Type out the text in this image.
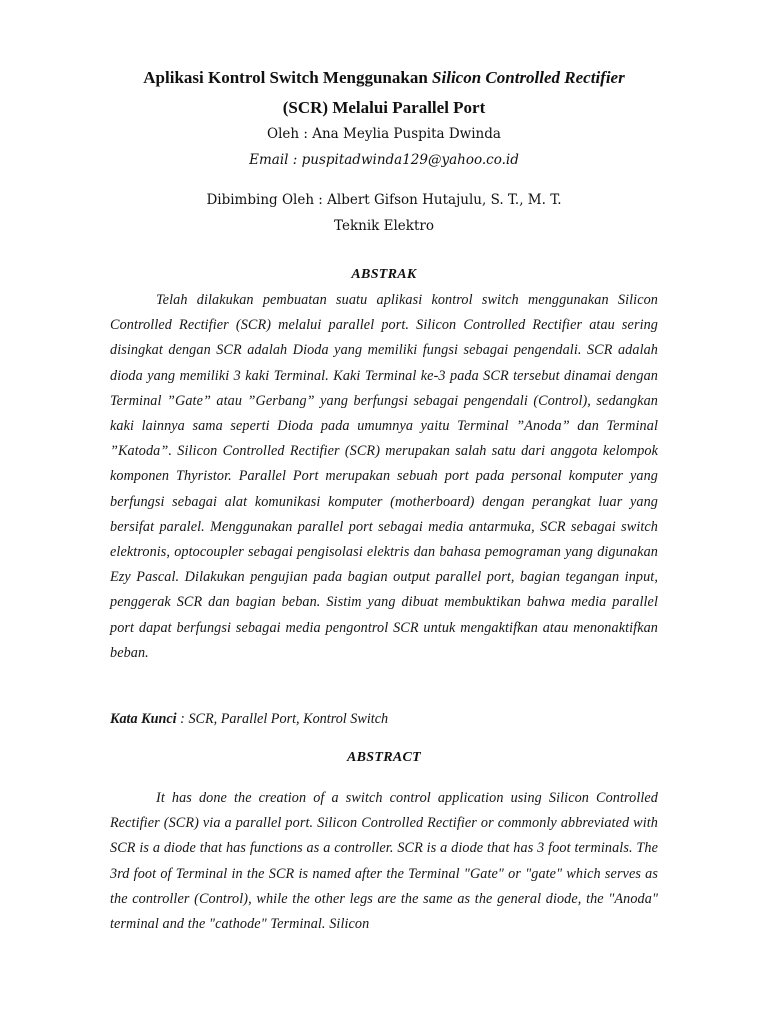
Aplikasi Kontrol Switch Menggunakan Silicon Controlled Rectifier
(SCR) Melalui Parallel Port
Oleh : Ana Meylia Puspita Dwinda
Email : puspitadwinda129@yahoo.co.id
Dibimbing Oleh : Albert Gifson Hutajulu, S. T., M. T.
Teknik Elektro
ABSTRAK
Telah dilakukan pembuatan suatu aplikasi kontrol switch menggunakan Silicon Controlled Rectifier (SCR) melalui parallel port. Silicon Controlled Rectifier atau sering disingkat dengan SCR adalah Dioda yang memiliki fungsi sebagai pengendali. SCR adalah dioda yang memiliki 3 kaki Terminal. Kaki Terminal ke-3 pada SCR tersebut dinamai dengan Terminal ”Gate” atau ”Gerbang” yang berfungsi sebagai pengendali (Control), sedangkan kaki lainnya sama seperti Dioda pada umumnya yaitu Terminal ”Anoda” dan Terminal ”Katoda”. Silicon Controlled Rectifier (SCR) merupakan salah satu dari anggota kelompok komponen Thyristor. Parallel Port merupakan sebuah port pada personal komputer yang berfungsi sebagai alat komunikasi komputer (motherboard) dengan perangkat luar yang bersifat paralel. Menggunakan parallel port sebagai media antarmuka, SCR sebagai switch elektronis, optocoupler sebagai pengisolasi elektris dan bahasa pemograman yang digunakan Ezy Pascal. Dilakukan pengujian pada bagian output parallel port, bagian tegangan input, penggerak SCR dan bagian beban. Sistim yang dibuat membuktikan bahwa media parallel port dapat berfungsi sebagai media pengontrol SCR untuk mengaktifkan atau menonaktifkan beban.
Kata Kunci : SCR, Parallel Port, Kontrol Switch
ABSTRACT
It has done the creation of a switch control application using Silicon Controlled Rectifier (SCR) via a parallel port. Silicon Controlled Rectifier or commonly abbreviated with SCR is a diode that has functions as a controller. SCR is a diode that has 3 foot terminals. The 3rd foot of Terminal in the SCR is named after the Terminal "Gate" or "gate" which serves as the controller (Control), while the other legs are the same as the general diode, the "Anoda" terminal and the "cathode" Terminal. Silicon
